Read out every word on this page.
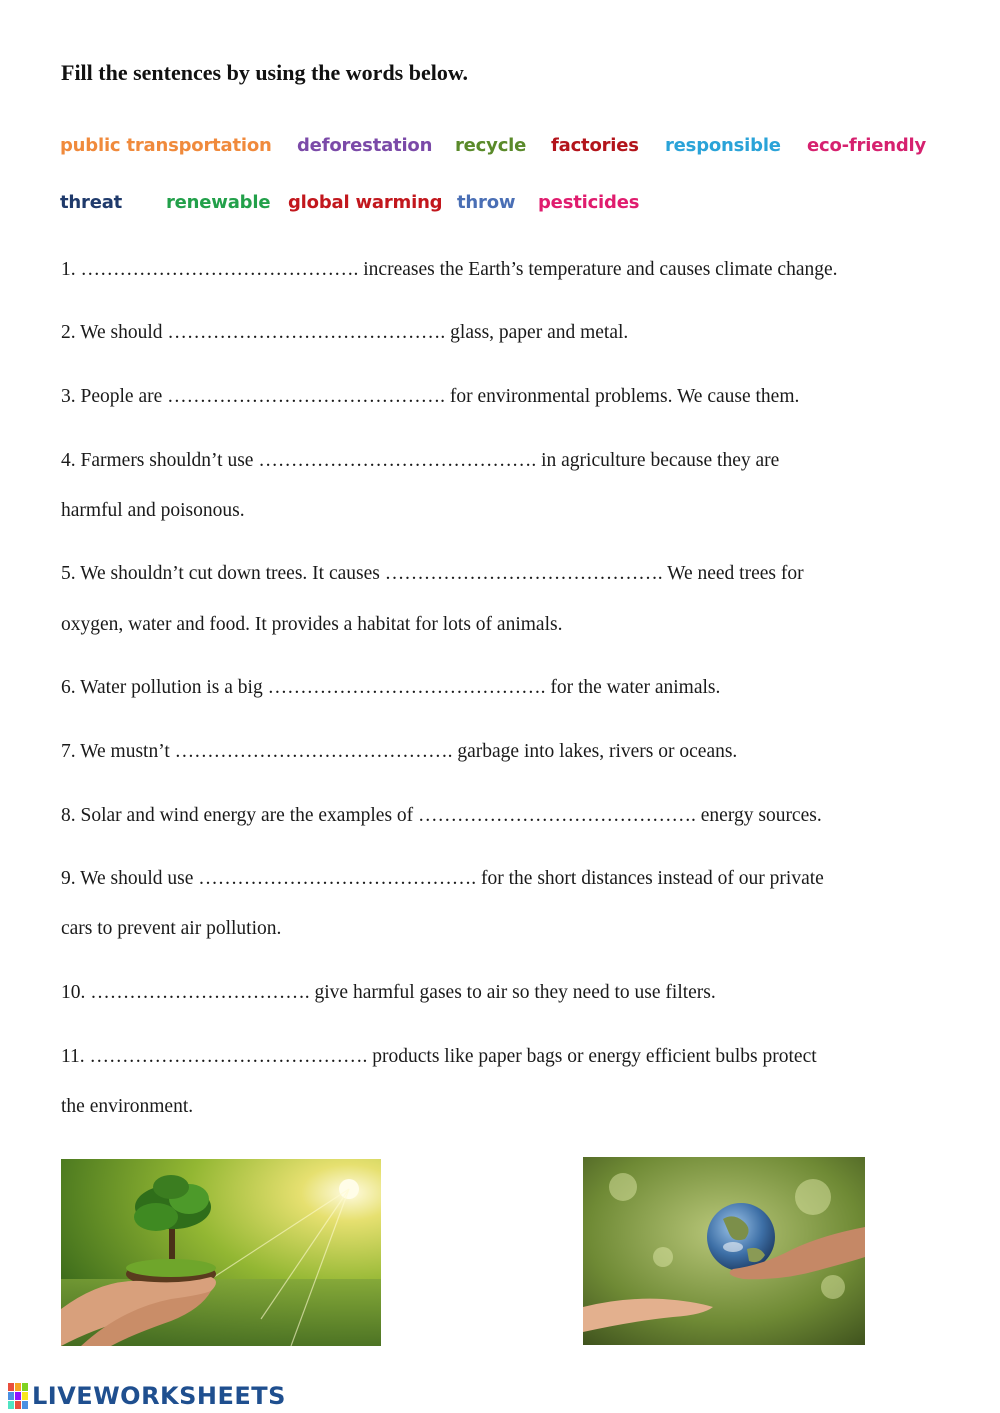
Fill the sentences by using the words below.
public transportation deforestation recycle factories responsible eco-friendly
threat renewable global warming throw pesticides
1. ……………………………………. increases the Earth’s temperature and causes climate change.
2. We should ……………………………………. glass, paper and metal.
3. People are ……………………………………. for environmental problems. We cause them.
4. Farmers shouldn’t use ……………………………………. in agriculture because they are
harmful and poisonous.
5. We shouldn’t cut down trees. It causes ……………………………………. We need trees for
oxygen, water and food. It provides a habitat for lots of animals.
6. Water pollution is a big ……………………………………. for the water animals.
7. We mustn’t ……………………………………. garbage into lakes, rivers or oceans.
8. Solar and wind energy are the examples of ……………………………………. energy sources.
9. We should use ……………………………………. for the short distances instead of our private
cars to prevent air pollution.
10. ……………………………. give harmful gases to air so they need to use filters.
11. ……………………………………. products like paper bags or energy efficient bulbs protect
the environment.
LIVEWORKSHEETS
